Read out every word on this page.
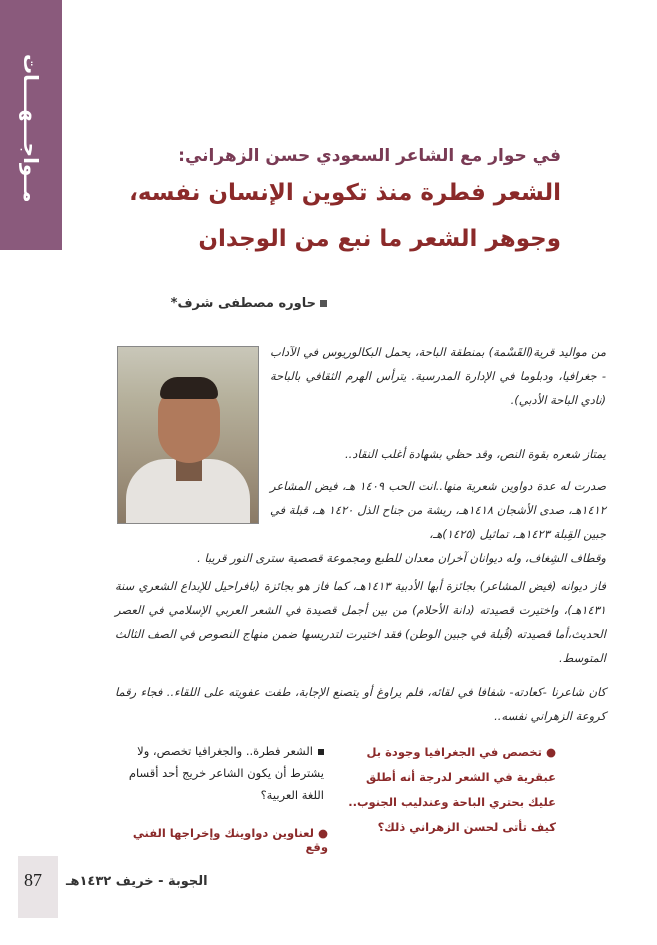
مــواجـــهــــات	في حوار مع الشاعر السعودي حسن الزهراني:
الشعر فطرة منذ تكوين الإنسان نفسه،
وجوهر الشعر ما نبع من الوجدان
حاوره مصطفى شرف*
من مواليد قرية(القَسْمة) بمنطقة الباحة، يحمل البكالوريوس في الآداب - جغرافيا، ودبلوما في الإدارة المدرسية. يترأس الهرم الثقافي بالباحة (نادي الباحة الأدبي).
يمتاز شعره بقوة النص، وقد حظي بشهادة أغلب النقاد..
صدرت له عدة دواوين شعرية منها..انت الحب ١٤٠٩ هـ، فيض المشاعر ١٤١٢هـ، صدى الأشجان ١٤١٨هـ، ريشة من جناح الذل ١٤٢٠ هـ، قبلة في جبين القِبلة ١٤٢٣هـ، تماثيل (١٤٢٥)هـ،
وقطاف الشِغاف، وله ديوانان آخران معدان للطبع ومجموعة قصصية سترى النور قريبا .
فاز ديوانه (فيض المشاعر) بجائزة أبها الأدبية ١٤١٣هـ، كما فاز هو بجائزة (بافراحيل للإبداع الشعري سنة ١٤٣١هـ)، واختيرت قصيدته (دانة الأحلام) من بين أجمل قصيدة في الشعر العربي الإسلامي في العصر الحديث،أما قصيدته (قُبلة في جبين الوطن) فقد اختيرت لتدريسها ضمن منهاج النصوص في الصف الثالث المتوسط.
كان شاعرنا -كعادته- شفافا في لقائه، فلم يراوغ أو يتصنع الإجابة، طفت عفويته على اللقاء.. فجاء رقما كروعة الزهراني نفسه..
●تخصص في الجغرافيا وجودة بل عبقرية في الشعر لدرجة أنه أطلق عليك بحتري الباحة وعندليب الجنوب.. كيف تأتى لحسن الزهراني ذلك؟
الشعر فطرة.. والجغرافيا تخصص، ولا يشترط أن يكون الشاعر خريج أحد أقسام اللغة العربية؟
●لعناوين دواوينك وإخراجها الفني وقع
87 الجوبة - خريف ١٤٣٢هـ
